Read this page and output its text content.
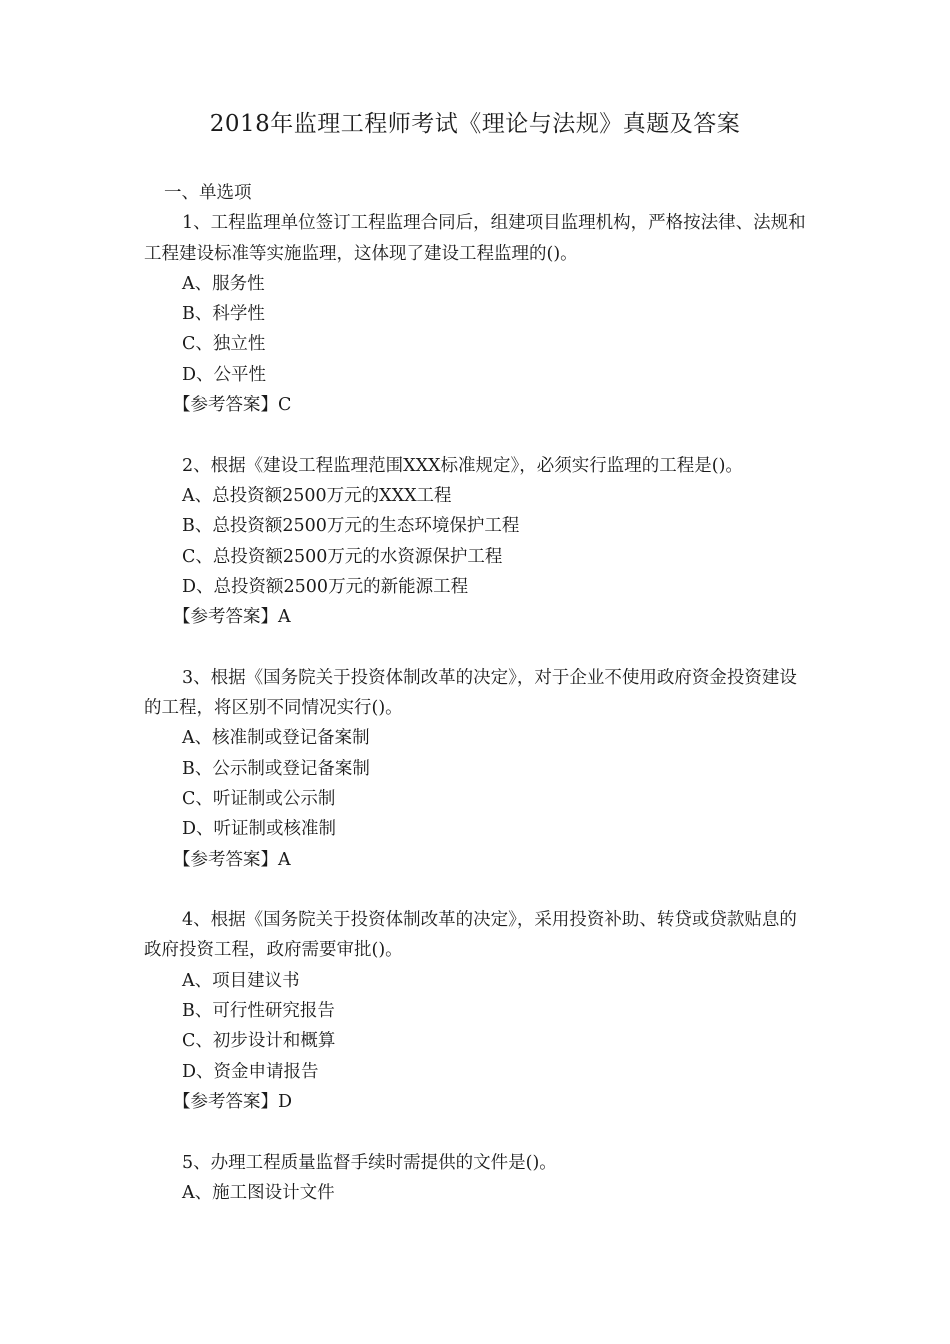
2018年监理工程师考试《理论与法规》真题及答案

一、单选项

1、工程监理单位签订工程监理合同后，组建项目监理机构，严格按法律、法规和工程建设标准等实施监理，这体现了建设工程监理的()。

A、服务性

B、科学性

C、独立性

D、公平性

【参考答案】C

2、根据《建设工程监理范围XXX标准规定》，必须实行监理的工程是()。

A、总投资额2500万元的XXX工程

B、总投资额2500万元的生态环境保护工程

C、总投资额2500万元的水资源保护工程

D、总投资额2500万元的新能源工程

【参考答案】A

3、根据《国务院关于投资体制改革的决定》，对于企业不使用政府资金投资建设的工程，将区别不同情况实行()。

A、核准制或登记备案制

B、公示制或登记备案制

C、听证制或公示制

D、听证制或核准制

【参考答案】A

4、根据《国务院关于投资体制改革的决定》，采用投资补助、转贷或贷款贴息的政府投资工程，政府需要审批()。

A、项目建议书

B、可行性研究报告

C、初步设计和概算

D、资金申请报告

【参考答案】D

5、办理工程质量监督手续时需提供的文件是()。

A、施工图设计文件
